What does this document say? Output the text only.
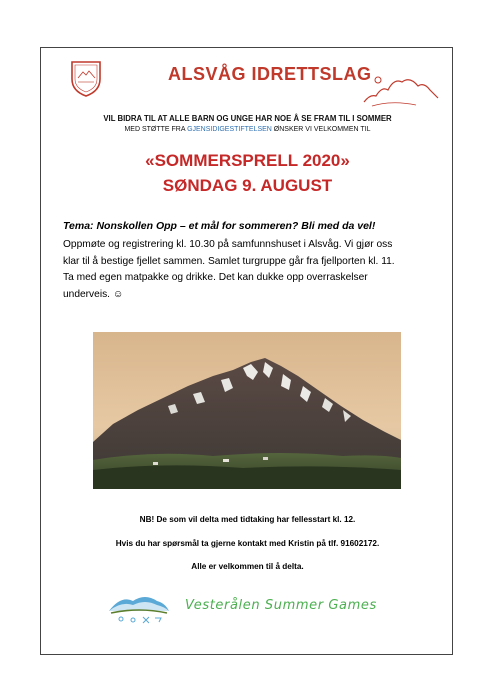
ALSVÅG IDRETTSLAG
VIL BIDRA TIL AT ALLE BARN OG UNGE HAR NOE Å SE FRAM TIL I SOMMER
MED STØTTE FRA GJENSIDIGESTIFTELSEN ØNSKER VI VELKOMMEN TIL
«SOMMERSPRELL 2020»
SØNDAG 9. AUGUST
Tema: Nonskollen Opp – et mål for sommeren? Bli med da vel!
Oppmøte og registrering kl. 10.30 på samfunnshuset i Alsvåg. Vi gjør oss klar til å bestige fjellet sammen. Samlet turgruppe går fra fjellporten kl. 11. Ta med egen matpakke og drikke. Det kan dukke opp overraskelser underveis. ☺
NB! De som vil delta med tidtaking har fellesstart kl. 12.
Hvis du har spørsmål ta gjerne kontakt med Kristin på tlf. 91602172.
Alle er velkommen til å delta.
Vesterålen Summer Games
